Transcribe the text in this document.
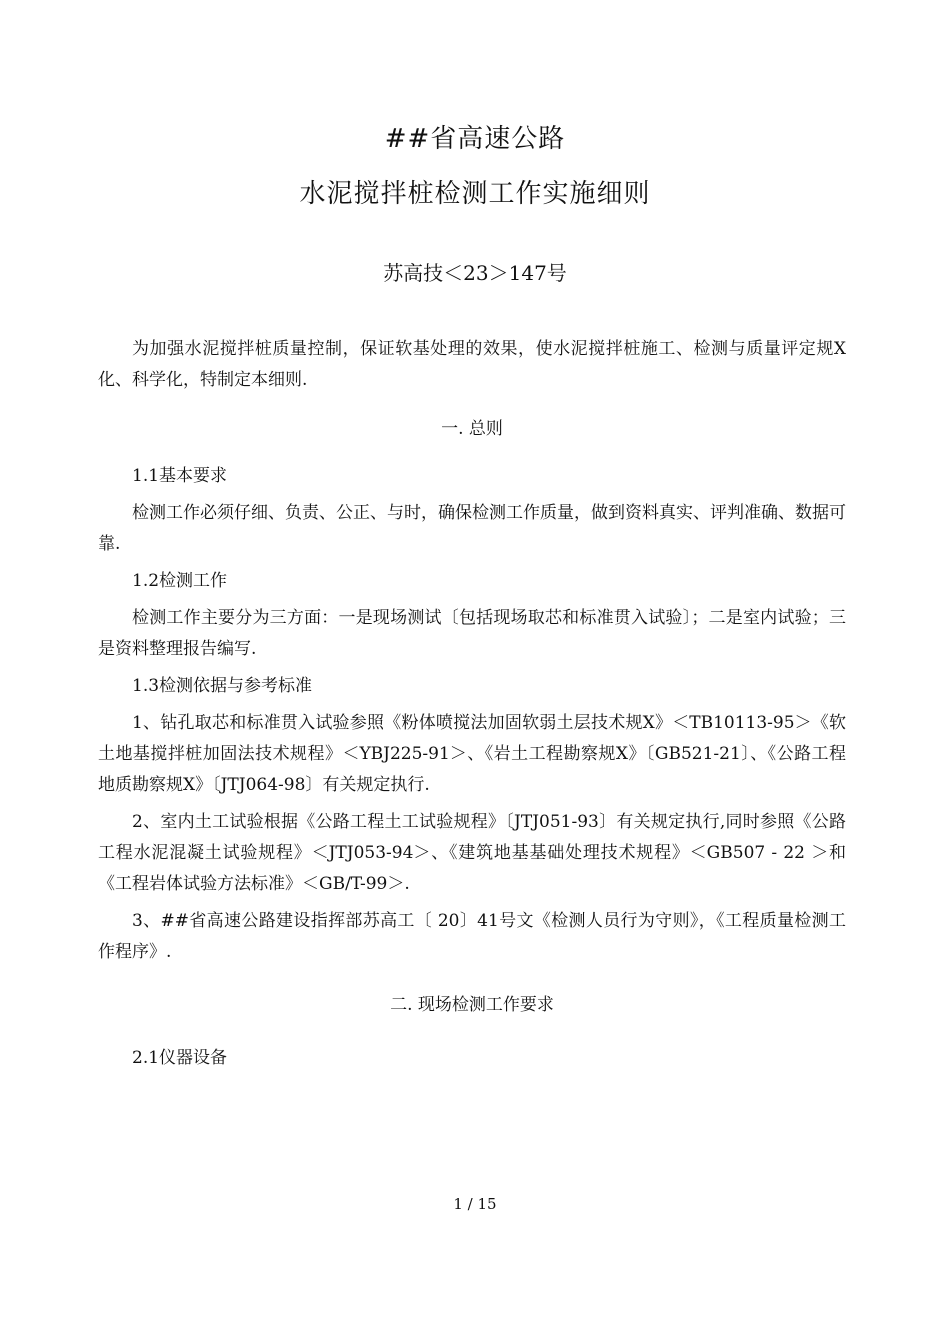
##省高速公路
水泥搅拌桩检测工作实施细则
苏高技＜23＞147号

为加强水泥搅拌桩质量控制，保证软基处理的效果，使水泥搅拌桩施工、检测与质量评定规X化、科学化，特制定本细则.

一. 总则

1.1基本要求

检测工作必须仔细、负责、公正、与时，确保检测工作质量，做到资料真实、评判准确、数据可靠.

1.2检测工作

检测工作主要分为三方面：一是现场测试〔包括现场取芯和标准贯入试验〕；二是室内试验；三是资料整理报告编写.

1.3检测依据与参考标准

1、钻孔取芯和标准贯入试验参照《粉体喷搅法加固软弱土层技术规X》＜TB10113-95＞《软土地基搅拌桩加固法技术规程》＜YBJ225-91＞、《岩土工程勘察规X》〔GB521-21〕、《公路工程地质勘察规X》〔JTJ064-98〕有关规定执行.

2、室内土工试验根据《公路工程土工试验规程》〔JTJ051-93〕有关规定执行,同时参照《公路工程水泥混凝土试验规程》＜JTJ053-94＞、《建筑地基基础处理技术规程》＜GB507 - 22 ＞和《工程岩体试验方法标准》＜GB/T-99＞.

3、##省高速公路建设指挥部苏高工〔 20〕41号文《检测人员行为守则》，《工程质量检测工作程序》.

二. 现场检测工作要求

2.1仪器设备

1 / 15
